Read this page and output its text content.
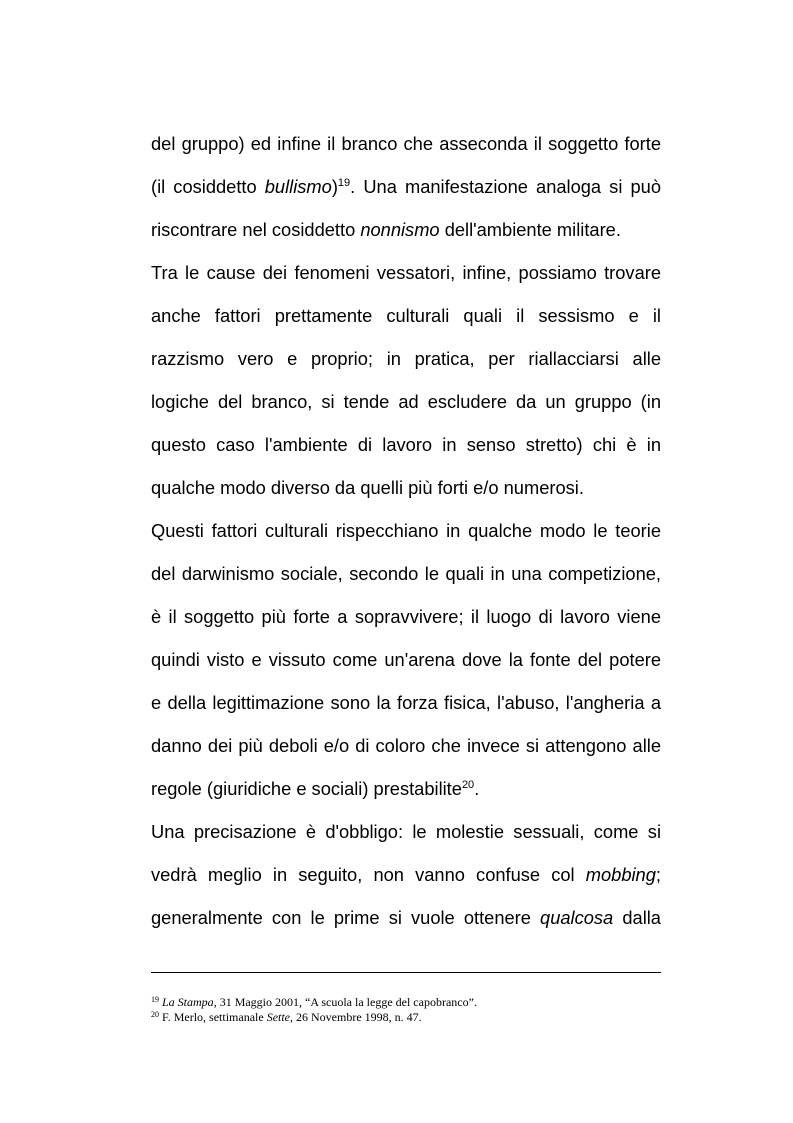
del gruppo) ed infine il branco che asseconda il soggetto forte
(il cosiddetto bullismo)$^{19}$. Una manifestazione analoga si può
riscontrare nel cosiddetto nonnismo dell'ambiente militare.
Tra le cause dei fenomeni vessatori, infine, possiamo trovare
anche fattori prettamente culturali quali il sessismo e il
razzismo vero e proprio; in pratica, per riallacciarsi alle
logiche del branco, si tende ad escludere da un gruppo (in
questo caso l'ambiente di lavoro in senso stretto) chi è in
qualche modo diverso da quelli più forti e/o numerosi.
Questi fattori culturali rispecchiano in qualche modo le teorie
del darwinismo sociale, secondo le quali in una competizione,
è il soggetto più forte a sopravvivere; il luogo di lavoro viene
quindi visto e vissuto come un'arena dove la fonte del potere
e della legittimazione sono la forza fisica, l'abuso, l'angheria a
danno dei più deboli e/o di coloro che invece si attengono alle
regole (giuridiche e sociali) prestabilite$^{20}$.
Una precisazione è d'obbligo: le molestie sessuali, come si
vedrà meglio in seguito, non vanno confuse col mobbing;
generalmente con le prime si vuole ottenere qualcosa dalla
$^{19}$ La Stampa, 31 Maggio 2001, “A scuola la legge del capobranco”.
$^{20}$ F. Merlo, settimanale Sette, 26 Novembre 1998, n. 47.
